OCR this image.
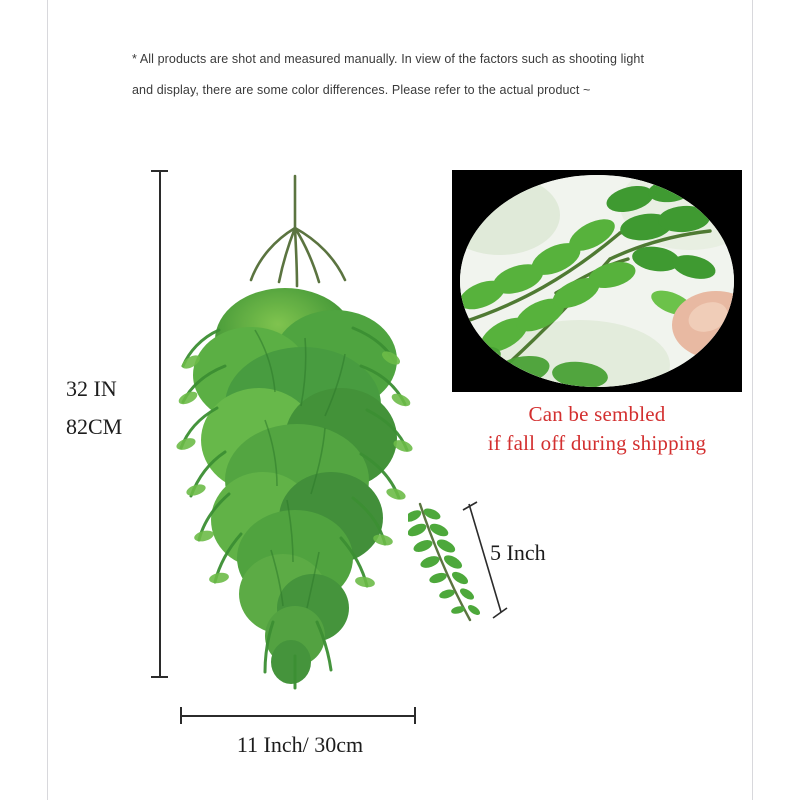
* All products are shot and measured manually. In view of the factors such as shooting light and display, there are some color differences. Please refer to the actual product ~
32 IN
82CM
11 Inch/ 30cm
5 Inch
Can be sembled
if fall off during shipping
